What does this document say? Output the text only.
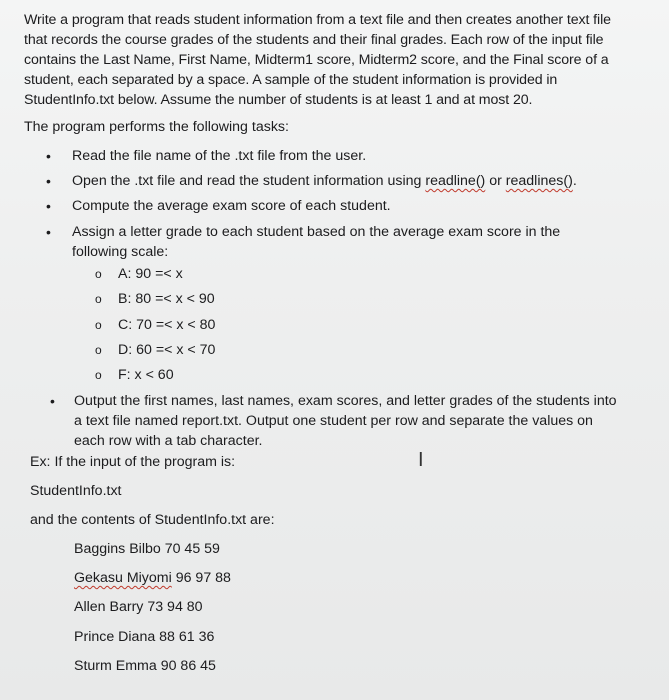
Write a program that reads student information from a text file and then creates another text file that records the course grades of the students and their final grades. Each row of the input file contains the Last Name, First Name, Midterm1 score, Midterm2 score, and the Final score of a student, each separated by a space. A sample of the student information is provided in StudentInfo.txt below. Assume the number of students is at least 1 and at most 20.
The program performs the following tasks:
• Read the file name of the .txt file from the user.
• Open the .txt file and read the student information using readline() or readlines().
• Compute the average exam score of each student.
• Assign a letter grade to each student based on the average exam score in the following scale:
o A: 90 =< x
o B: 80 =< x < 90
o C: 70 =< x < 80
o D: 60 =< x < 70
o F: x < 60
• Output the first names, last names, exam scores, and letter grades of the students into a text file named report.txt. Output one student per row and separate the values on each row with a tab character.
Ex: If the input of the program is:	I
StudentInfo.txt
and the contents of StudentInfo.txt are:
Baggins Bilbo 70 45 59
Gekasu Miyomi 96 97 88
Allen Barry 73 94 80
Prince Diana 88 61 36
Sturm Emma 90 86 45
